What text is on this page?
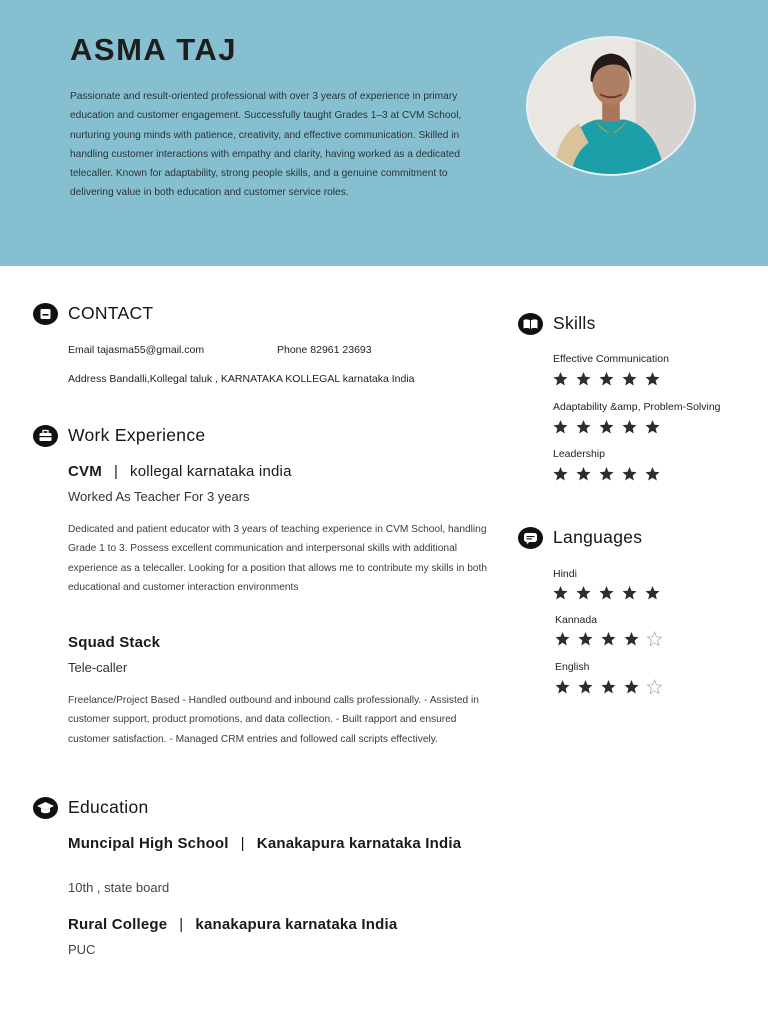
ASMA TAJ

Passionate and result-oriented professional with over 3 years of experience in primary education and customer engagement. Successfully taught Grades 1–3 at CVM School, nurturing young minds with patience, creativity, and effective communication. Skilled in handling customer interactions with empathy and clarity, having worked as a dedicated telecaller. Known for adaptability, strong people skills, and a genuine commitment to delivering value in both education and customer service roles.

CONTACT
Email tajasma55@gmail.com	Phone 82961 23693
Address Bandalli,Kollegal taluk , KARNATAKA KOLLEGAL karnataka India
Work Experience
CVM | kollegal karnataka india
Worked As Teacher For 3 years

Dedicated and patient educator with 3 years of teaching experience in CVM School, handling Grade 1 to 3. Possess excellent communication and interpersonal skills with additional experience as a telecaller. Looking for a position that allows me to contribute my skills in both educational and customer interaction environments

Squad Stack
Tele-caller

Freelance/Project Based - Handled outbound and inbound calls professionally. - Assisted in customer support, product promotions, and data collection. - Built rapport and ensured customer satisfaction. - Managed CRM entries and followed call scripts effectively.

Education
Muncipal High School | Kanakapura karnataka India
10th , state board
Rural College | kanakapura karnataka India
PUC
Skills
Effective Communication
Adaptability &amp, Problem-Solving
Leadership
Languages
Hindi
Kannada
English
